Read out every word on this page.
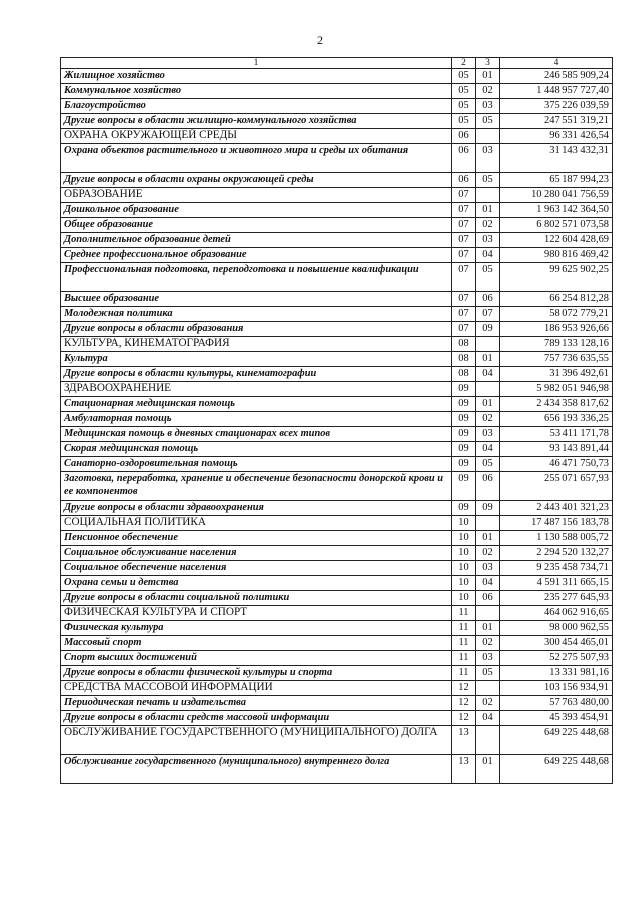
2
1	2	3	4
Жилищное хозяйство	05	01	246 585 909,24
Коммунальное хозяйство	05	02	1 448 957 727,40
Благоустройство	05	03	375 226 039,59
Другие вопросы в области жилищно-коммунального хозяйства	05	05	247 551 319,21
ОХРАНА ОКРУЖАЮЩЕЙ СРЕДЫ	06		96 331 426,54
Охрана объектов растительного и животного мира и среды их обитания	06	03	31 143 432,31
Другие вопросы в области охраны окружающей среды	06	05	65 187 994,23
ОБРАЗОВАНИЕ	07		10 280 041 756,59
Дошкольное образование	07	01	1 963 142 364,50
Общее образование	07	02	6 802 571 073,58
Дополнительное образование детей	07	03	122 604 428,69
Среднее профессиональное образование	07	04	980 816 469,42
Профессиональная подготовка, переподготовка и повышение квалификации	07	05	99 625 902,25
Высшее образование	07	06	66 254 812,28
Молодежная политика	07	07	58 072 779,21
Другие вопросы в области образования	07	09	186 953 926,66
КУЛЬТУРА, КИНЕМАТОГРАФИЯ	08		789 133 128,16
Культура	08	01	757 736 635,55
Другие вопросы в области культуры, кинематографии	08	04	31 396 492,61
ЗДРАВООХРАНЕНИЕ	09		5 982 051 946,98
Стационарная медицинская помощь	09	01	2 434 358 817,62
Амбулаторная помощь	09	02	656 193 336,25
Медицинская помощь в дневных стационарах всех типов	09	03	53 411 171,78
Скорая медицинская помощь	09	04	93 143 891,44
Санаторно-оздоровительная помощь	09	05	46 471 750,73
Заготовка, переработка, хранение и обеспечение безопасности донорской крови и ее компонентов	09	06	255 071 657,93
Другие вопросы в области здравоохранения	09	09	2 443 401 321,23
СОЦИАЛЬНАЯ ПОЛИТИКА	10		17 487 156 183,78
Пенсионное обеспечение	10	01	1 130 588 005,72
Социальное обслуживание населения	10	02	2 294 520 132,27
Социальное обеспечение населения	10	03	9 235 458 734,71
Охрана семьи и детства	10	04	4 591 311 665,15
Другие вопросы в области социальной политики	10	06	235 277 645,93
ФИЗИЧЕСКАЯ КУЛЬТУРА И СПОРТ	11		464 062 916,65
Физическая культура	11	01	98 000 962,55
Массовый спорт	11	02	300 454 465,01
Спорт высших достижений	11	03	52 275 507,93
Другие вопросы в области физической культуры и спорта	11	05	13 331 981,16
СРЕДСТВА МАССОВОЙ ИНФОРМАЦИИ	12		103 156 934,91
Периодическая печать и издательства	12	02	57 763 480,00
Другие вопросы в области средств массовой информации	12	04	45 393 454,91
ОБСЛУЖИВАНИЕ ГОСУДАРСТВЕННОГО (МУНИЦИПАЛЬНОГО) ДОЛГА	13		649 225 448,68
Обслуживание государственного (муниципального) внутреннего долга	13	01	649 225 448,68
